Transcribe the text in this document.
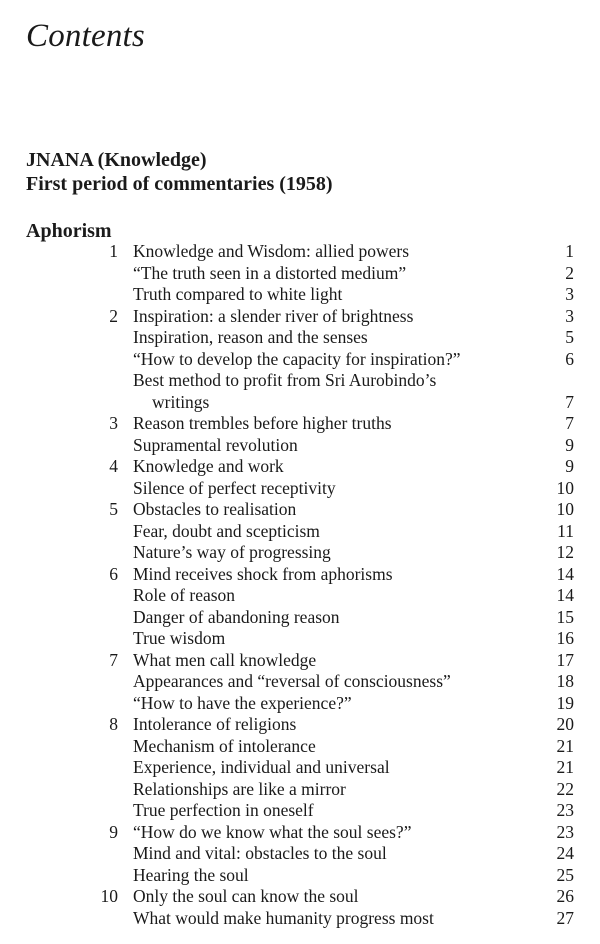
Contents
JNANA (Knowledge)
First period of commentaries (1958)
Aphorism
1 Knowledge and Wisdom: allied powers	1
“The truth seen in a distorted medium”	2
Truth compared to white light	3
2 Inspiration: a slender river of brightness	3
Inspiration, reason and the senses	5
“How to develop the capacity for inspiration?”	6
Best method to profit from Sri Aurobindo’s
writings	7
3 Reason trembles before higher truths	7
Supramental revolution	9
4 Knowledge and work	9
Silence of perfect receptivity	10
5 Obstacles to realisation	10
Fear, doubt and scepticism	11
Nature’s way of progressing	12
6 Mind receives shock from aphorisms	14
Role of reason	14
Danger of abandoning reason	15
True wisdom	16
7 What men call knowledge	17
Appearances and “reversal of consciousness”	18
“How to have the experience?”	19
8 Intolerance of religions	20
Mechanism of intolerance	21
Experience, individual and universal	21
Relationships are like a mirror	22
True perfection in oneself	23
9 “How do we know what the soul sees?”	23
Mind and vital: obstacles to the soul	24
Hearing the soul	25
10 Only the soul can know the soul	26
What would make humanity progress most	27
